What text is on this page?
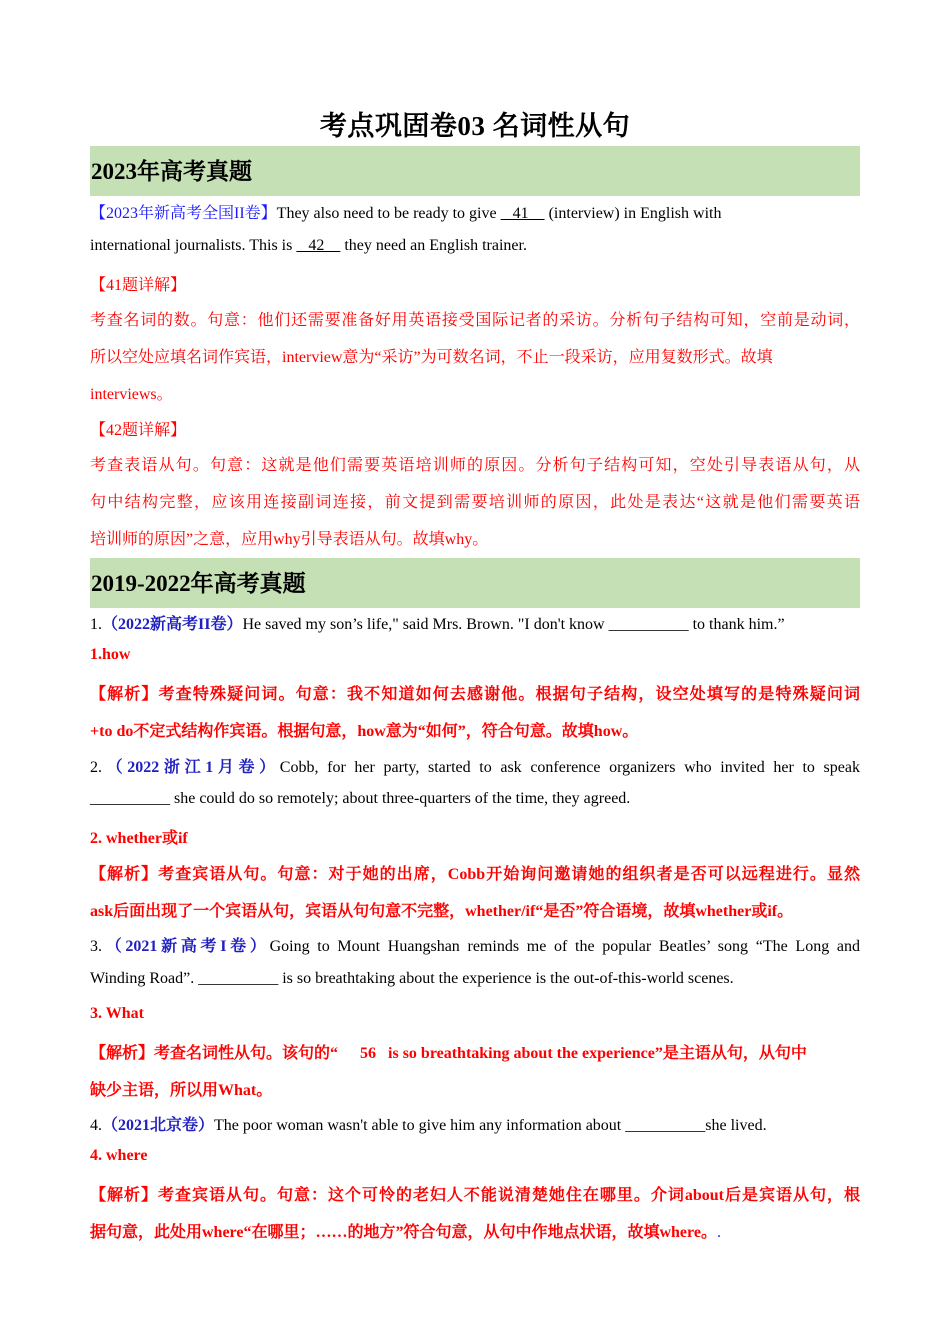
考点巩固卷03 名词性从句
2023年高考真题
【2023年新高考全国II卷】They also need to be ready to give    41     (interview) in English with
international journalists. This is    42     they need an English trainer.
【41题详解】
考查名词的数。句意：他们还需要准备好用英语接受国际记者的采访。分析句子结构可知，空前是动词，
所以空处应填名词作宾语，interview意为“采访”为可数名词，不止一段采访，应用复数形式。故填
interviews。
【42题详解】
考查表语从句。句意：这就是他们需要英语培训师的原因。分析句子结构可知，空处引导表语从句，从
句中结构完整，应该用连接副词连接，前文提到需要培训师的原因，此处是表达“这就是他们需要英语
培训师的原因”之意，应用why引导表语从句。故填why。
2019-2022年高考真题
1.（2022新高考II卷）He saved my son’s life," said Mrs. Brown. "I don't know __________ to thank him.”
1.how
【解析】考查特殊疑问词。句意：我不知道如何去感谢他。根据句子结构，设空处填写的是特殊疑问词
+to do不定式结构作宾语。根据句意，how意为“如何”，符合句意。故填how。
2.（2022浙江1月卷）Cobb, for her party, started to ask conference organizers who invited her to speak
__________ she could do so remotely; about three-quarters of the time, they agreed.
2. whether或if
【解析】考查宾语从句。句意：对于她的出席，Cobb开始询问邀请她的组织者是否可以远程进行。显然
ask后面出现了一个宾语从句，宾语从句句意不完整，whether/if“是否”符合语境，故填whether或if。
3.（2021新高考I卷）Going to Mount Huangshan reminds me of the popular Beatles’ song “The Long and
Winding Road”. __________ is so breathtaking about the experience is the out-of-this-world scenes.
3. What
【解析】考查名词性从句。该句的“ 56 is so breathtaking about the experience”是主语从句，从句中
缺少主语，所以用What。
4.（2021北京卷）The poor woman wasn't able to give him any information about __________she lived.
4. where
【解析】考查宾语从句。句意：这个可怜的老妇人不能说清楚她住在哪里。介词about后是宾语从句，根
据句意，此处用where“在哪里；……的地方”符合句意，从句中作地点状语，故填where。.
